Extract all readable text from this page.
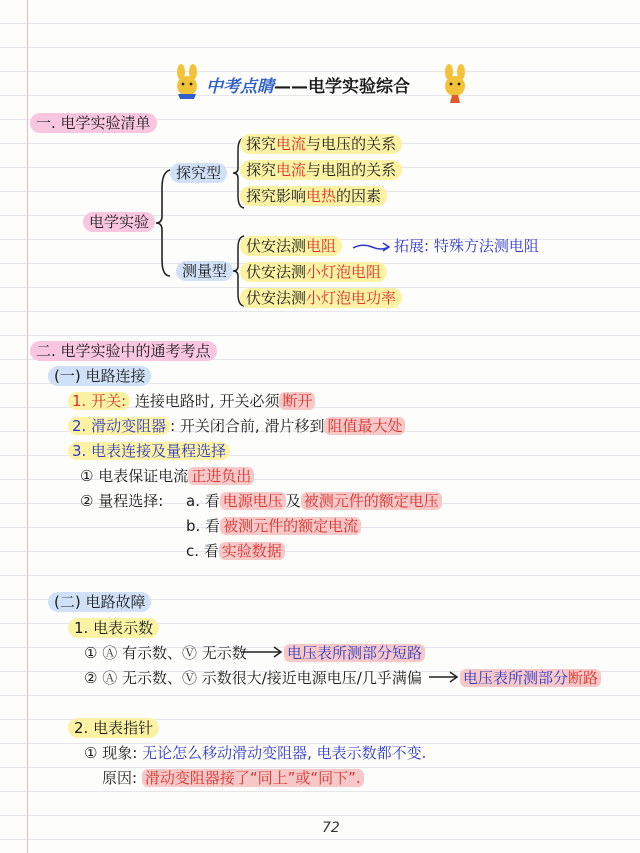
中考点睛——电学实验综合
一. 电学实验清单
电学实验
探究型
探究电流与电压的关系
探究电流与电阻的关系
探究影响电热的因素
测量型
伏安法测电阻	拓展: 特殊方法测电阻
伏安法测小灯泡电阻
伏安法测小灯泡电功率
二. 电学实验中的通考考点
(一) 电路连接
1. 开关: 连接电路时, 开关必须 断开
2. 滑动变阻器 : 开关闭合前, 滑片移到 阻值最大处
3. 电表连接及量程选择
① 电表保证电流 正进负出
② 量程选择: a. 看 电源电压 及 被测元件的额定电压
b. 看 被测元件的额定电流
c. 看 实验数据
(二) 电路故障
1. 电表示数
① Ⓐ 有示数、Ⓥ 无示数	电压表所测部分短路
② Ⓐ 无示数、Ⓥ 示数很大/接近电源电压/几乎满偏	电压表所测部分断路
2. 电表指针
① 现象: 无论怎么移动滑动变阻器, 电表示数都不变.
原因: 滑动变阻器接了“同上”或“同下”.
72
